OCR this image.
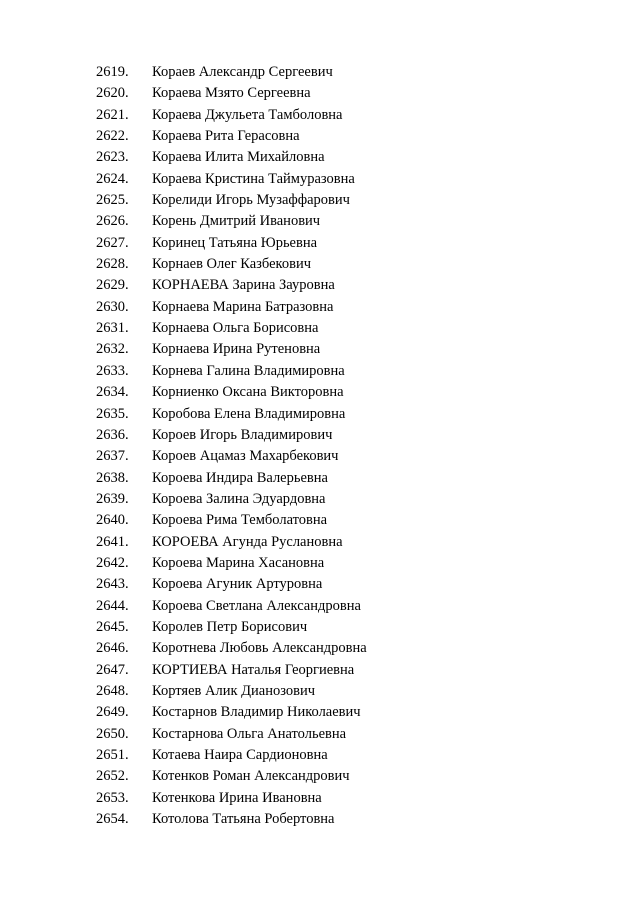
2619. Кораев Александр Сергеевич
2620. Кораева Мзято Сергеевна
2621. Кораева Джульета Тамболовна
2622. Кораева Рита Герасовна
2623. Кораева Илита Михайловна
2624. Кораева Кристина Таймуразовна
2625. Корелиди Игорь Музаффарович
2626. Корень Дмитрий Иванович
2627. Коринец Татьяна Юрьевна
2628. Корнаев Олег Казбекович
2629. КОРНАЕВА Зарина Зауровна
2630. Корнаева Марина Батразовна
2631. Корнаева Ольга Борисовна
2632. Корнаева Ирина Рутеновна
2633. Корнева Галина Владимировна
2634. Корниенко Оксана Викторовна
2635. Коробова Елена Владимировна
2636. Короев Игорь Владимирович
2637. Короев Ацамаз Махарбекович
2638. Короева Индира Валерьевна
2639. Короева Залина Эдуардовна
2640. Короева Рима Темболатовна
2641. КОРОЕВА Агунда Руслановна
2642. Короева Марина Хасановна
2643. Короева Агуник Артуровна
2644. Короева Светлана Александровна
2645. Королев Петр Борисович
2646. Коротнева Любовь Александровна
2647. КОРТИЕВА Наталья Георгиевна
2648. Кортяев Алик Дианозович
2649. Костарнов Владимир Николаевич
2650. Костарнова Ольга Анатольевна
2651. Котаева Наира Сардионовна
2652. Котенков Роман Александрович
2653. Котенкова Ирина Ивановна
2654. Котолова Татьяна Робертовна
